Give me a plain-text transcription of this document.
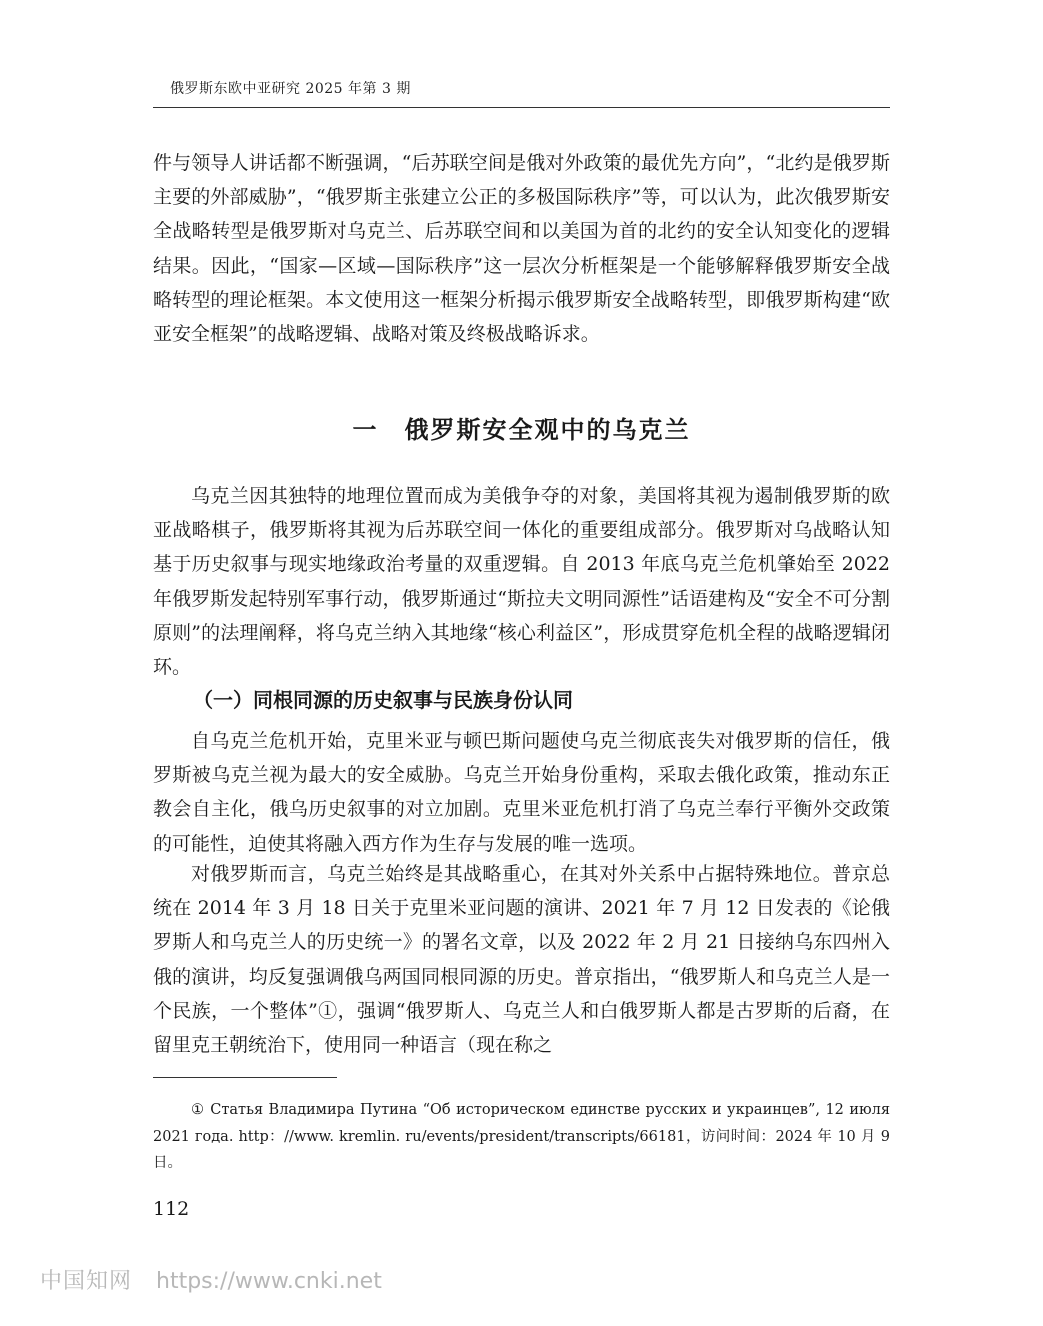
俄罗斯东欧中亚研究 2025 年第 3 期

件与领导人讲话都不断强调，“后苏联空间是俄对外政策的最优先方向”，“北约是俄罗斯主要的外部威胁”，“俄罗斯主张建立公正的多极国际秩序”等，可以认为，此次俄罗斯安全战略转型是俄罗斯对乌克兰、后苏联空间和以美国为首的北约的安全认知变化的逻辑结果。因此，“国家—区域—国际秩序”这一层次分析框架是一个能够解释俄罗斯安全战略转型的理论框架。本文使用这一框架分析揭示俄罗斯安全战略转型，即俄罗斯构建“欧亚安全框架”的战略逻辑、战略对策及终极战略诉求。

一 俄罗斯安全观中的乌克兰

乌克兰因其独特的地理位置而成为美俄争夺的对象，美国将其视为遏制俄罗斯的欧亚战略棋子，俄罗斯将其视为后苏联空间一体化的重要组成部分。俄罗斯对乌战略认知基于历史叙事与现实地缘政治考量的双重逻辑。自 2013 年底乌克兰危机肇始至 2022 年俄罗斯发起特别军事行动，俄罗斯通过“斯拉夫文明同源性”话语建构及“安全不可分割原则”的法理阐释，将乌克兰纳入其地缘“核心利益区”，形成贯穿危机全程的战略逻辑闭环。

（一）同根同源的历史叙事与民族身份认同

自乌克兰危机开始，克里米亚与顿巴斯问题使乌克兰彻底丧失对俄罗斯的信任，俄罗斯被乌克兰视为最大的安全威胁。乌克兰开始身份重构，采取去俄化政策，推动东正教会自主化，俄乌历史叙事的对立加剧。克里米亚危机打消了乌克兰奉行平衡外交政策的可能性，迫使其将融入西方作为生存与发展的唯一选项。

对俄罗斯而言，乌克兰始终是其战略重心，在其对外关系中占据特殊地位。普京总统在 2014 年 3 月 18 日关于克里米亚问题的演讲、2021 年 7 月 12 日发表的《论俄罗斯人和乌克兰人的历史统一》的署名文章，以及 2022 年 2 月 21 日接纳乌东四州入俄的演讲，均反复强调俄乌两国同根同源的历史。普京指出，“俄罗斯人和乌克兰人是一个民族，一个整体”①，强调“俄罗斯人、乌克兰人和白俄罗斯人都是古罗斯的后裔，在留里克王朝统治下，使用同一种语言（现在称之

① Статья Владимира Путина “Об историческом единстве русских и украинцев”, 12 июля 2021 года. http：//www. kremlin. ru/events/president/transcripts/66181，访问时间：2024 年 10 月 9 日。

112
中国知网 https://www.cnki.net
